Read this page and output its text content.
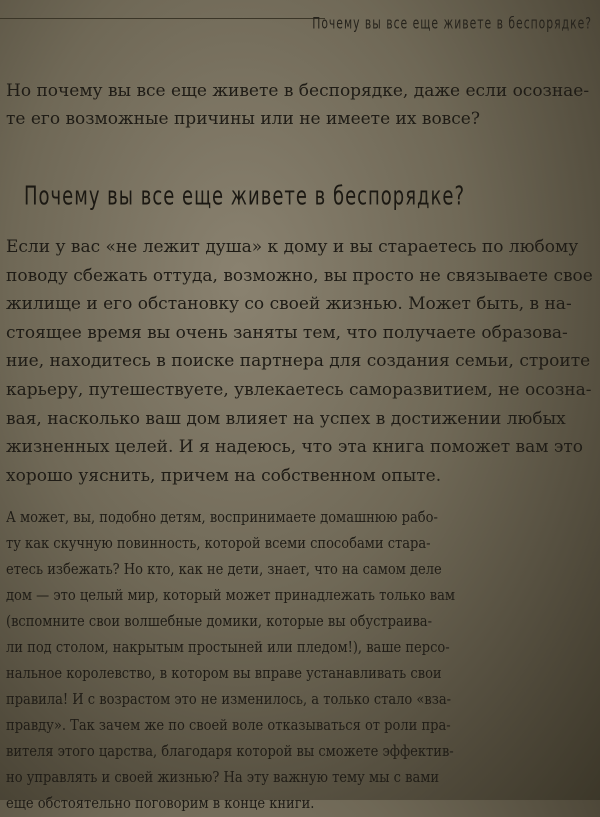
Почему вы все еще живете в беспорядке?
Но почему вы все еще живете в беспорядке, даже если осознае-
те его возможные причины или не имеете их вовсе?
Почему вы все еще живете в беспорядке?
Если у вас «не лежит душа» к дому и вы стараетесь по любому
поводу сбежать оттуда, возможно, вы просто не связываете свое
жилище и его обстановку со своей жизнью. Может быть, в на-
стоящее время вы очень заняты тем, что получаете образова-
ние, находитесь в поиске партнера для создания семьи, строите
карьеру, путешествуете, увлекаетесь саморазвитием, не осозна-
вая, насколько ваш дом влияет на успех в достижении любых
жизненных целей. И я надеюсь, что эта книга поможет вам это
хорошо уяснить, причем на собственном опыте.
А может, вы, подобно детям, воспринимаете домашнюю рабо-
ту как скучную повинность, которой всеми способами стара-
етесь избежать? Но кто, как не дети, знает, что на самом деле
дом — это целый мир, который может принадлежать только вам
(вспомните свои волшебные домики, которые вы обустраива-
ли под столом, накрытым простыней или пледом!), ваше персо-
нальное королевство, в котором вы вправе устанавливать свои
правила! И с возрастом это не изменилось, а только стало «вза-
правду». Так зачем же по своей воле отказываться от роли пра-
вителя этого царства, благодаря которой вы сможете эффектив-
но управлять и своей жизнью? На эту важную тему мы с вами
еще обстоятельно поговорим в конце книги.
